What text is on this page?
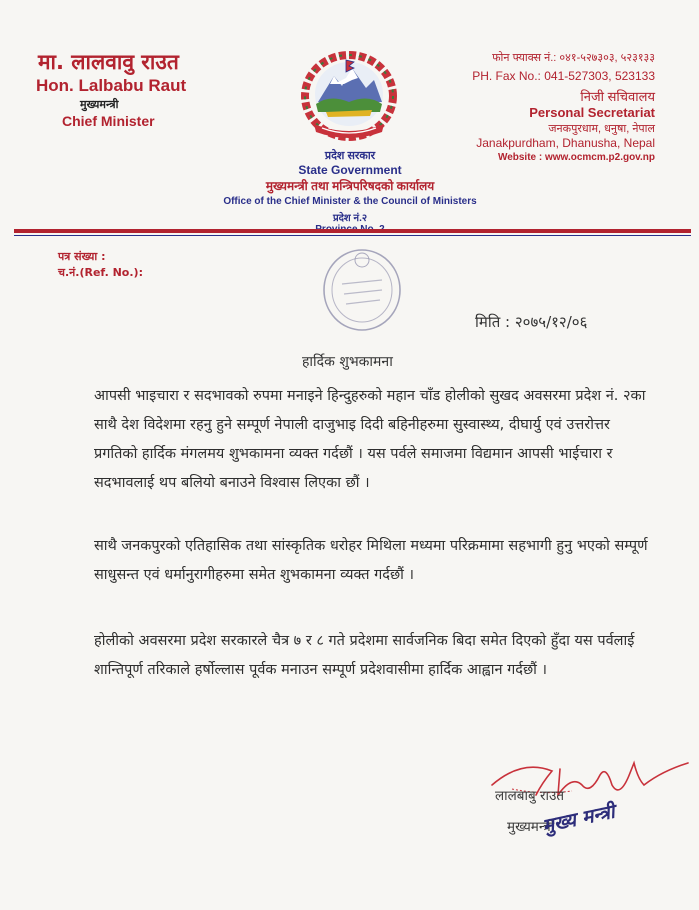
मा. लालवावु राउत
Hon. Lalbabu Raut
मुख्यमन्त्री
Chief Minister
प्रदेश सरकार
State Government
मुख्यमन्त्री तथा मन्त्रिपरिषदको कार्यालय
Office of the Chief Minister & the Council of Ministers
प्रदेश नं.२
फोन फ्याक्स नं.: ०४१-५२७३०३, ५२३१३३
PH. Fax No.: 041-527303, 523133
निजी सचिवालय
Personal Secretariat
जनकपुरधाम, धनुषा, नेपाल
Janakpurdham, Dhanusha, Nepal
Website : www.ocmcm.p2.gov.np
पत्र संख्या :
च.नं.(Ref. No.):
मिति : २०७५/१२/०६
हार्दिक शुभकामना
आपसी भाइचारा र सदभावको रुपमा मनाइने हिन्दुहरुको महान चाँड होलीको सुखद अवसरमा प्रदेश नं. २का साथै देश विदेशमा रहनु हुने सम्पूर्ण नेपाली दाजुभाइ दिदी बहिनीहरुमा सुस्वास्थ्य, दीघार्यु एवं उत्तरोत्तर प्रगतिको हार्दिक मंगलमय शुभकामना व्यक्त गर्दछौं । यस पर्वले समाजमा विद्यमान आपसी भाईचारा र सदभावलाई थप बलियो बनाउने विश्वास लिएका छौं ।
साथै जनकपुरको एतिहासिक तथा सांस्कृतिक धरोहर मिथिला मध्यमा परिक्रमामा सहभागी हुनु भएको सम्पूर्ण साधुसन्त एवं धर्मानुरागीहरुमा समेत शुभकामना व्यक्त गर्दछौं ।
होलीको अवसरमा प्रदेश सरकारले चैत्र ७ र ८ गते प्रदेशमा सार्वजनिक बिदा समेत दिएको हुँदा यस पर्वलाई शान्तिपूर्ण तरिकाले हर्षोल्लास पूर्वक मनाउन सम्पूर्ण प्रदेशवासीमा हार्दिक आह्वान गर्दछौं ।
लालबाबु राउत
मुख्यमन्त्री
मुख्य मन्त्री
